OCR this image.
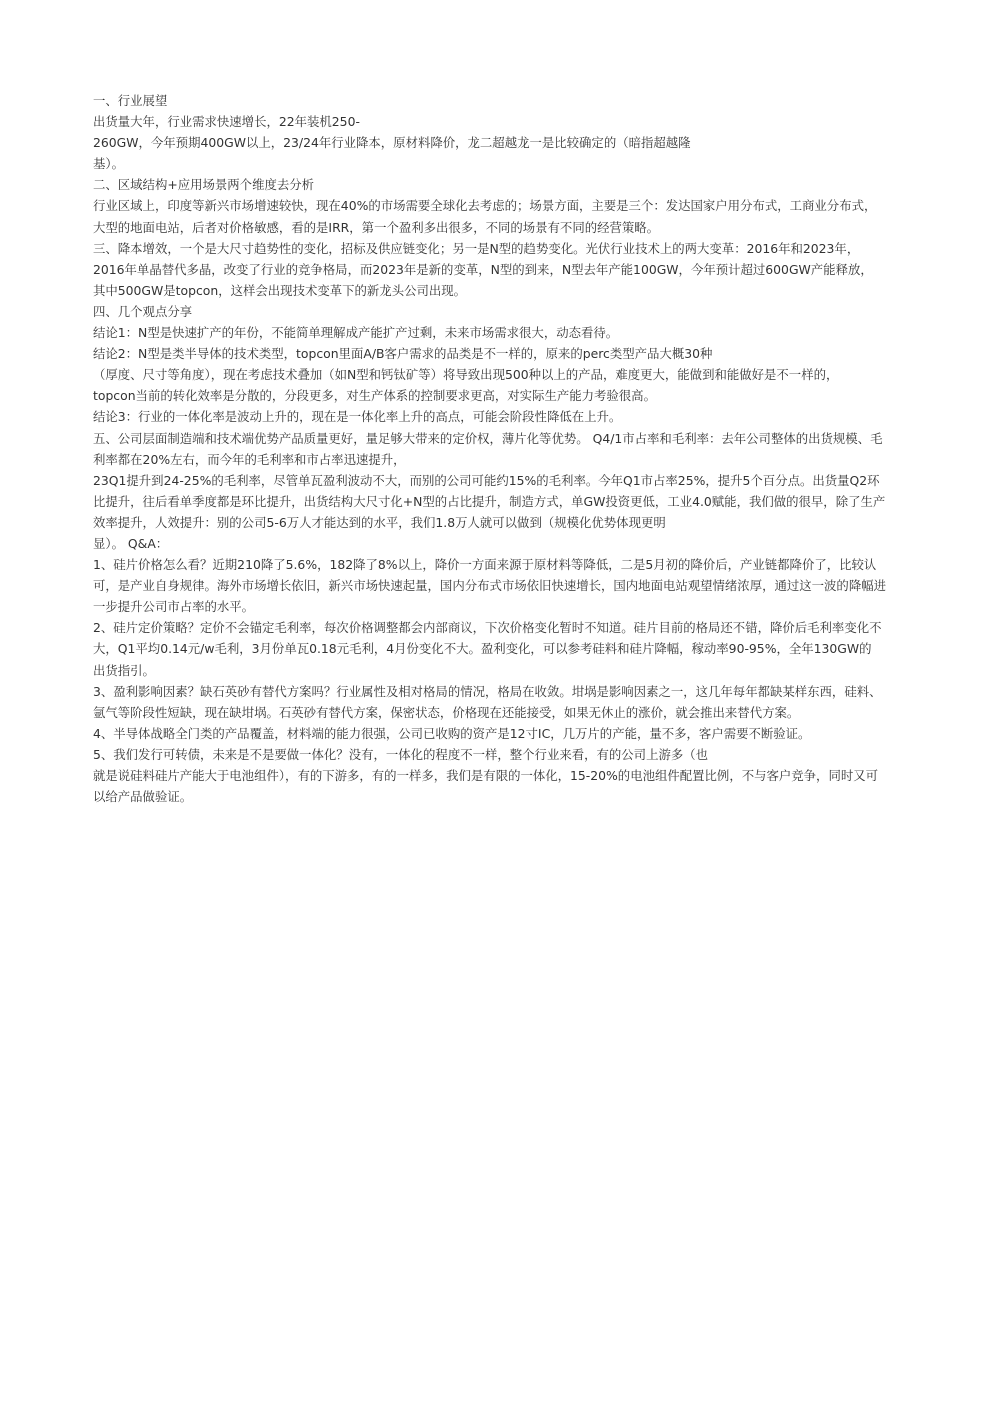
一、行业展望
出货量大年，行业需求快速增长，22年装机250-
260GW，今年预期400GW以上，23/24年行业降本，原材料降价，龙二超越龙一是比较确定的（暗指超越隆
基）。
二、区域结构+应用场景两个维度去分析
行业区域上，印度等新兴市场增速较快，现在40%的市场需要全球化去考虑的；场景方面，主要是三个：发达国家户用分布式，工商业分布式，
大型的地面电站，后者对价格敏感，看的是IRR，第一个盈利多出很多，不同的场景有不同的经营策略。
三、降本增效，一个是大尺寸趋势性的变化，招标及供应链变化；另一是N型的趋势变化。光伏行业技术上的两大变革：2016年和2023年，
2016年单晶替代多晶，改变了行业的竞争格局，而2023年是新的变革，N型的到来，N型去年产能100GW，今年预计超过600GW产能释放，
其中500GW是topcon，这样会出现技术变革下的新龙头公司出现。
四、几个观点分享
结论1：N型是快速扩产的年份，不能简单理解成产能扩产过剩，未来市场需求很大，动态看待。
结论2：N型是类半导体的技术类型，topcon里面A/B客户需求的品类是不一样的，原来的perc类型产品大概30种
（厚度、尺寸等角度），现在考虑技术叠加（如N型和钙钛矿等）将导致出现500种以上的产品，难度更大，能做到和能做好是不一样的，
topcon当前的转化效率是分散的，分段更多，对生产体系的控制要求更高，对实际生产能力考验很高。
结论3：行业的一体化率是波动上升的，现在是一体化率上升的高点，可能会阶段性降低在上升。
五、公司层面制造端和技术端优势产品质量更好，量足够大带来的定价权，薄片化等优势。 Q4/1市占率和毛利率：去年公司整体的出货规模、毛
利率都在20%左右，而今年的毛利率和市占率迅速提升，
23Q1提升到24-25%的毛利率，尽管单瓦盈利波动不大，而别的公司可能约15%的毛利率。今年Q1市占率25%，提升5个百分点。出货量Q2环
比提升，往后看单季度都是环比提升，出货结构大尺寸化+N型的占比提升，制造方式，单GW投资更低，工业4.0赋能，我们做的很早，除了生产
效率提升，人效提升：别的公司5-6万人才能达到的水平，我们1.8万人就可以做到（规模化优势体现更明
显）。 Q&A：
1、硅片价格怎么看？近期210降了5.6%，182降了8%以上，降价一方面来源于原材料等降低，二是5月初的降价后，产业链都降价了，比较认
可，是产业自身规律。海外市场增长依旧，新兴市场快速起量，国内分布式市场依旧快速增长，国内地面电站观望情绪浓厚，通过这一波的降幅进
一步提升公司市占率的水平。
2、硅片定价策略？定价不会锚定毛利率，每次价格调整都会内部商议，下次价格变化暂时不知道。硅片目前的格局还不错，降价后毛利率变化不
大，Q1平均0.14元/w毛利，3月份单瓦0.18元毛利，4月份变化不大。盈利变化，可以参考硅料和硅片降幅，稼动率90-95%，全年130GW的
出货指引。
3、盈利影响因素？缺石英砂有替代方案吗？行业属性及相对格局的情况，格局在收敛。坩埚是影响因素之一，这几年每年都缺某样东西，硅料、
氩气等阶段性短缺，现在缺坩埚。石英砂有替代方案，保密状态，价格现在还能接受，如果无休止的涨价，就会推出来替代方案。
4、半导体战略全门类的产品覆盖，材料端的能力很强，公司已收购的资产是12寸IC，几万片的产能，量不多，客户需要不断验证。
5、我们发行可转债，未来是不是要做一体化？没有，一体化的程度不一样，整个行业来看，有的公司上游多（也
就是说硅料硅片产能大于电池组件），有的下游多，有的一样多，我们是有限的一体化，15-20%的电池组件配置比例，不与客户竞争，同时又可
以给产品做验证。
